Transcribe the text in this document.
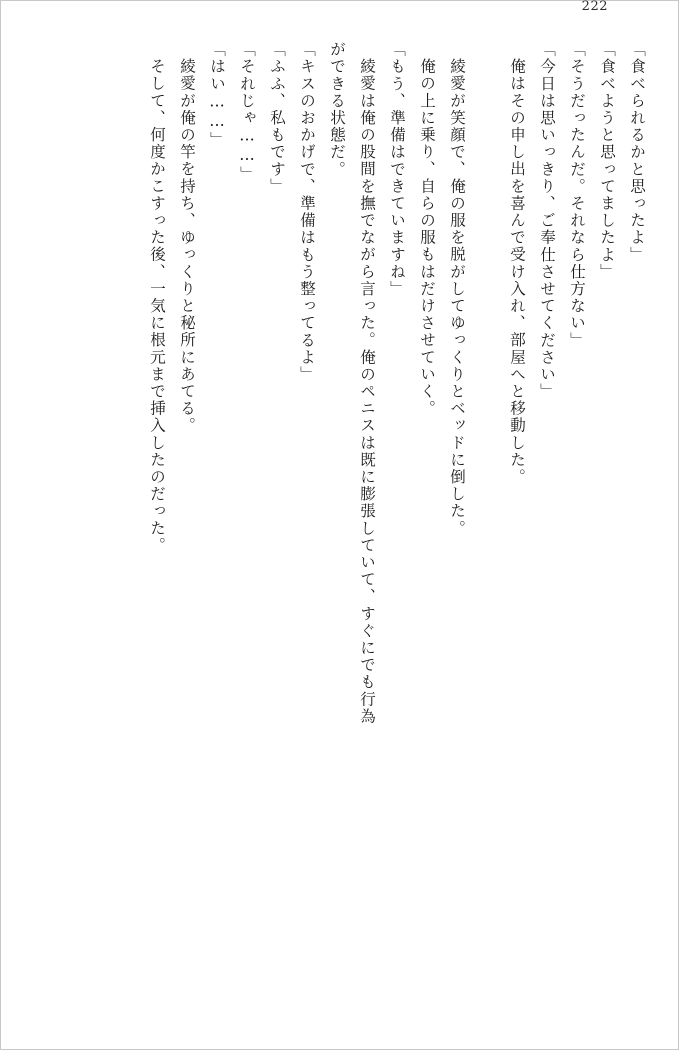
222
「食べられるかと思ったよ」
「食べようと思ってましたよ」
「そうだったんだ。それなら仕方ない」
「今日は思いっきり、ご奉仕させてください」
俺はその申し出を喜んで受け入れ、部屋へと移動した。
綾愛が笑顔で、俺の服を脱がしてゆっくりとベッドに倒した。
俺の上に乗り、自らの服もはだけさせていく。
「もう、準備はできていますね」
綾愛は俺の股間を撫でながら言った。俺のペニスは既に膨張していて、すぐにでも行為
ができる状態だ。
「キスのおかげで、準備はもう整ってるよ」
「ふふ、私もです」
「それじゃ……」
「はい……」
綾愛が俺の竿を持ち、ゆっくりと秘所にあてる。
そして、何度かこすった後、一気に根元まで挿入したのだった。
